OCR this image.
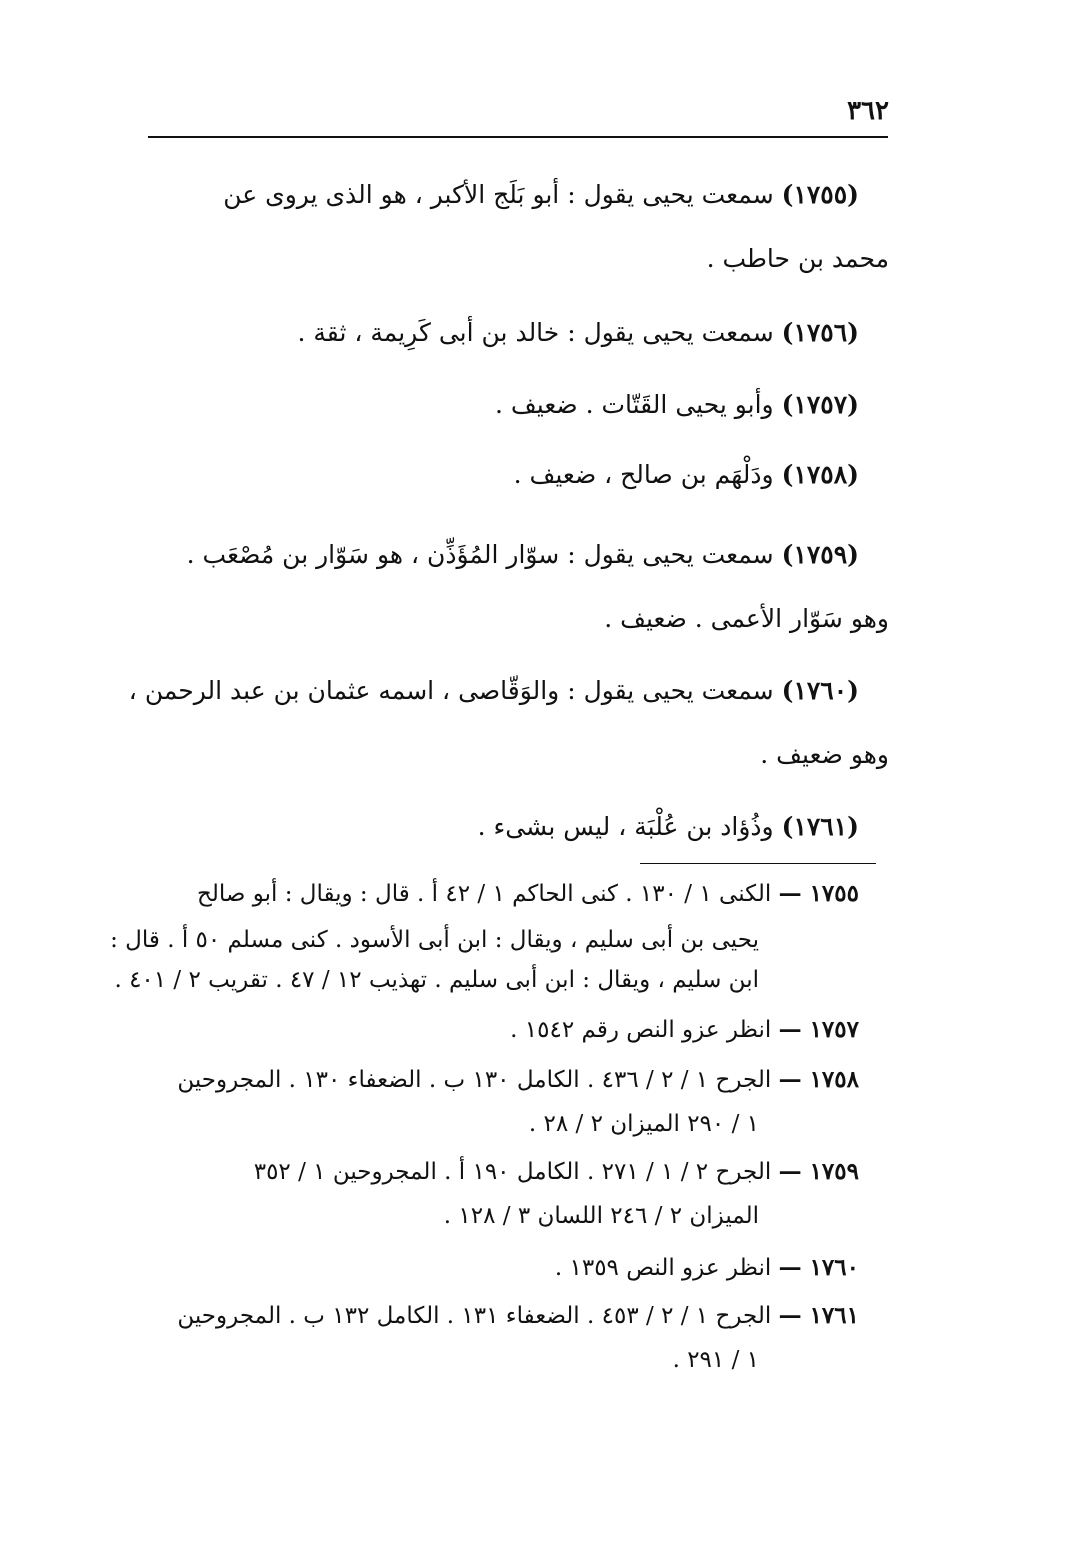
٣٦٢
(١٧٥٥) سمعت يحيى يقول : أبو بَلَج الأكبر ، هو الذى يروى عن
محمد بن حاطب .
(١٧٥٦) سمعت يحيى يقول : خالد بن أبى كَرِيمة ، ثقة .
(١٧٥٧) وأبو يحيى القَتّات . ضعيف .
(١٧٥٨) ودَلْهَم بن صالح ، ضعيف .
(١٧٥٩) سمعت يحيى يقول : سوّار المُؤَذِّن ، هو سَوّار بن مُصْعَب .
وهو سَوّار الأعمى . ضعيف .
(١٧٦٠) سمعت يحيى يقول : والوَقّاصى ، اسمه عثمان بن عبد الرحمن ،
وهو ضعيف .
(١٧٦١) وذُؤاد بن عُلْبَة ، ليس بشىء .
١٧٥٥ — الكنى ١ / ١٣٠ . كنى الحاكم ١ / ٤٢ أ . قال : ويقال : أبو صالح
يحيى بن أبى سليم ، ويقال : ابن أبى الأسود . كنى مسلم ٥٠ أ . قال :
ابن سليم ، ويقال : ابن أبى سليم . تهذيب ١٢ / ٤٧ . تقريب ٢ / ٤٠١ .
١٧٥٧ — انظر عزو النص رقم ١٥٤٢ .
١٧٥٨ — الجرح ١ / ٢ / ٤٣٦ . الكامل ١٣٠ ب . الضعفاء ١٣٠ . المجروحين
١ / ٢٩٠ الميزان ٢ / ٢٨ .
١٧٥٩ — الجرح ٢ / ١ / ٢٧١ . الكامل ١٩٠ أ . المجروحين ١ / ٣٥٢
الميزان ٢ / ٢٤٦ اللسان ٣ / ١٢٨ .
١٧٦٠ — انظر عزو النص ١٣٥٩ .
١٧٦١ — الجرح ١ / ٢ / ٤٥٣ . الضعفاء ١٣١ . الكامل ١٣٢ ب . المجروحين
١ / ٢٩١ .
